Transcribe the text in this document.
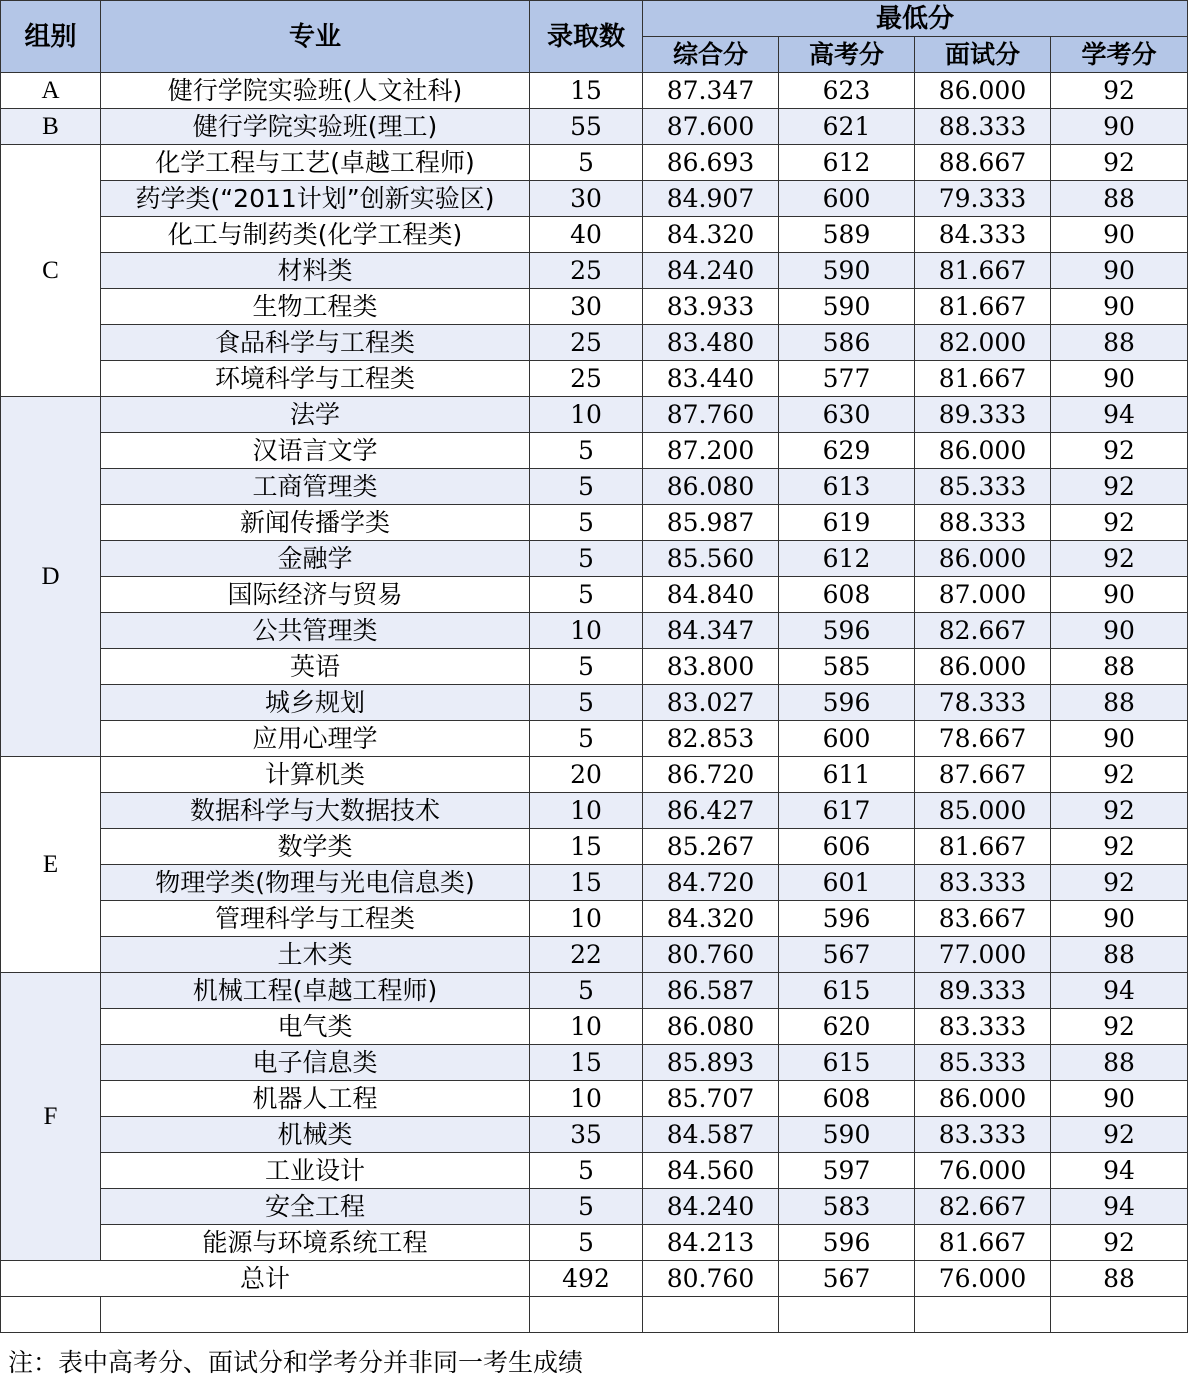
组别	专业	录取数	最低分			
			综合分	高考分	面试分	学考分
A	健行学院实验班(人文社科)	15	87.347	623	86.000	92
B	健行学院实验班(理工)	55	87.600	621	88.333	90
C	化学工程与工艺(卓越工程师)	5	86.693	612	88.667	92
	药学类(“2011计划”创新实验区)	30	84.907	600	79.333	88
	化工与制药类(化学工程类)	40	84.320	589	84.333	90
	材料类	25	84.240	590	81.667	90
	生物工程类	30	83.933	590	81.667	90
	食品科学与工程类	25	83.480	586	82.000	88
	环境科学与工程类	25	83.440	577	81.667	90
D	法学	10	87.760	630	89.333	94
	汉语言文学	5	87.200	629	86.000	92
	工商管理类	5	86.080	613	85.333	92
	新闻传播学类	5	85.987	619	88.333	92
	金融学	5	85.560	612	86.000	92
	国际经济与贸易	5	84.840	608	87.000	90
	公共管理类	10	84.347	596	82.667	90
	英语	5	83.800	585	86.000	88
	城乡规划	5	83.027	596	78.333	88
	应用心理学	5	82.853	600	78.667	90
E	计算机类	20	86.720	611	87.667	92
	数据科学与大数据技术	10	86.427	617	85.000	92
	数学类	15	85.267	606	81.667	92
	物理学类(物理与光电信息类)	15	84.720	601	83.333	92
	管理科学与工程类	10	84.320	596	83.667	90
	土木类	22	80.760	567	77.000	88
F	机械工程(卓越工程师)	5	86.587	615	89.333	94
	电气类	10	86.080	620	83.333	92
	电子信息类	15	85.893	615	85.333	88
	机器人工程	10	85.707	608	86.000	90
	机械类	35	84.587	590	83.333	92
	工业设计	5	84.560	597	76.000	94
	安全工程	5	84.240	583	82.667	94
	能源与环境系统工程	5	84.213	596	81.667	92
总计		492	80.760	567	76.000	88

注：表中高考分、面试分和学考分并非同一考生成绩
